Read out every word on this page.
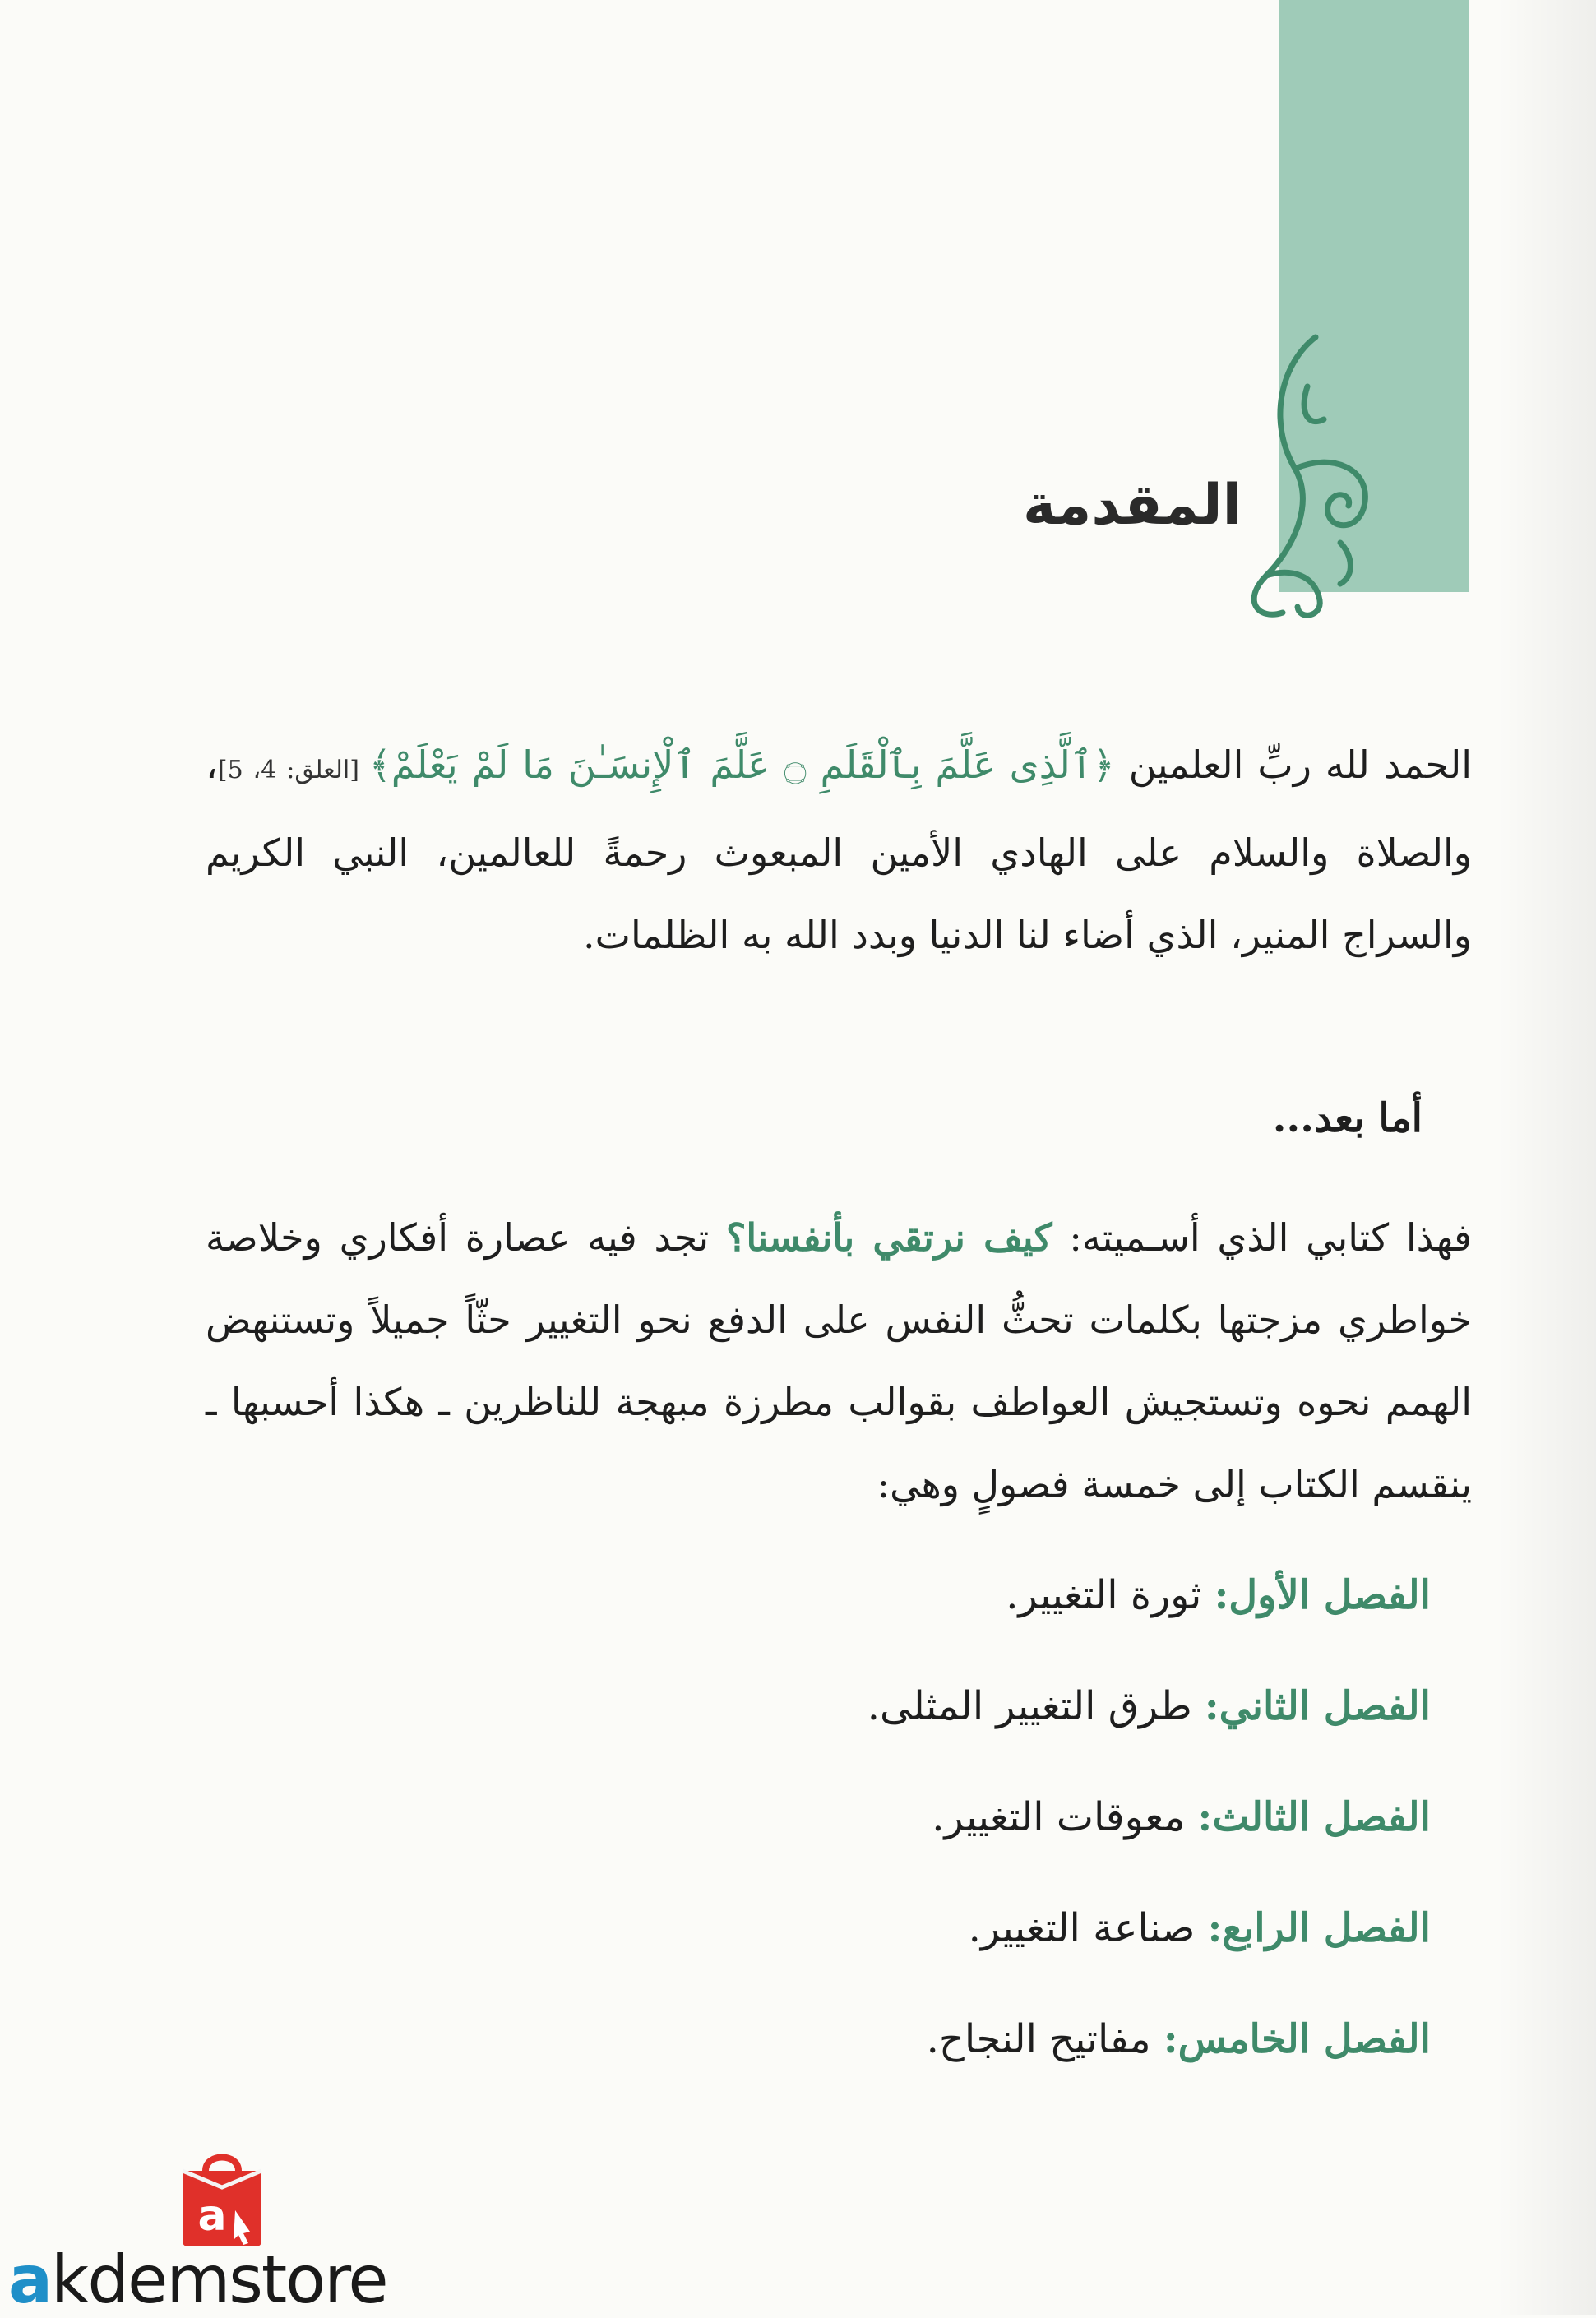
المقدمة

الحمد لله ربِّ العلمين ﴿ٱلَّذِى عَلَّمَ بِٱلْقَلَمِ ۝ عَلَّمَ ٱلْإِنسَـٰنَ مَا لَمْ يَعْلَمْ﴾ [العلق: 4، 5]، والصلاة والسلام على الهادي الأمين المبعوث رحمةً للعالمين، النبي الكريم والسراج المنير، الذي أضاء لنا الدنيا وبدد الله به الظلمات.

أما بعد...

فهذا كتابي الذي أسـميته: كيف نرتقي بأنفسنا؟ تجد فيه عصارة أفكاري وخلاصة خواطري مزجتها بكلمات تحثُّ النفس على الدفع نحو التغيير حثّاً جميلاً وتستنهض الهمم نحوه وتستجيش العواطف بقوالب مطرزة مبهجة للناظرين ـ هكذا أحسبها ـ ينقسم الكتاب إلى خمسة فصولٍ وهي:

الفصل الأول: ثورة التغيير.
الفصل الثاني: طرق التغيير المثلى.
الفصل الثالث: معوقات التغيير.
الفصل الرابع: صناعة التغيير.
الفصل الخامس: مفاتيح النجاح.
a

akdemstore
